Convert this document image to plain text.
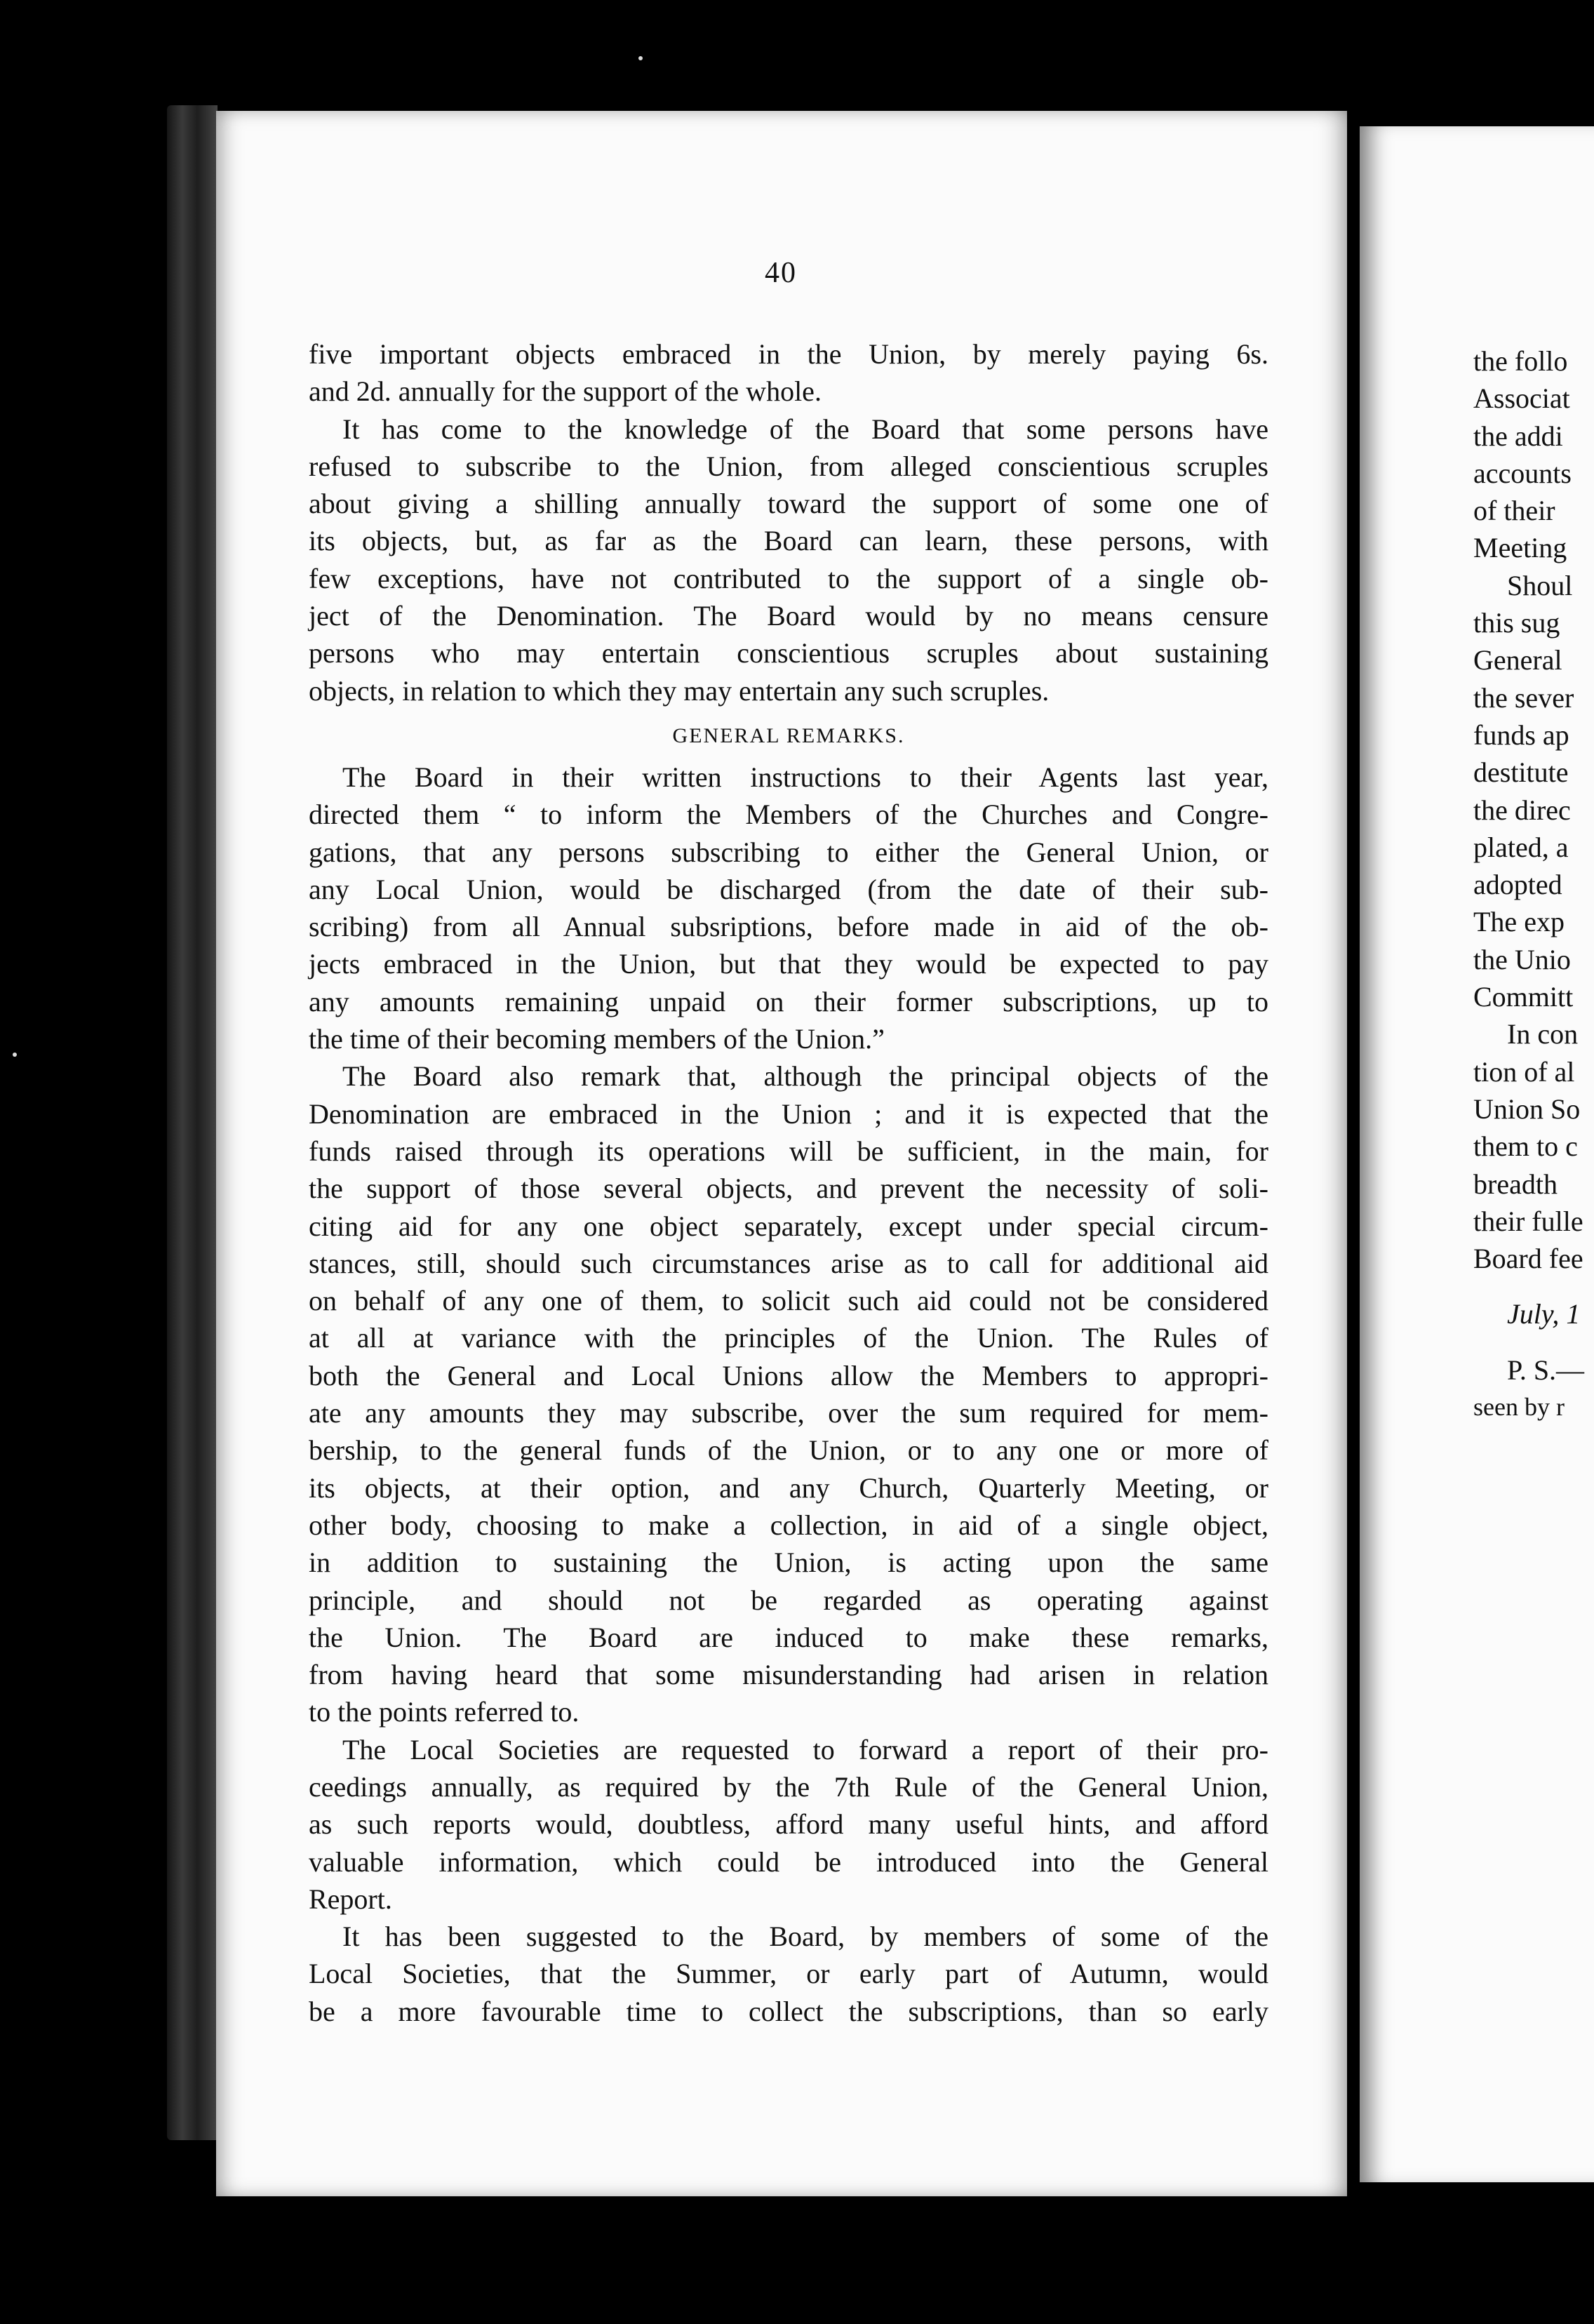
40
five important objects embraced in the Union, by merely paying 6s.
and 2d. annually for the support of the whole.
It has come to the knowledge of the Board that some persons have
refused to subscribe to the Union, from alleged conscientious scruples
about giving a shilling annually toward the support of some one of
its objects, but, as far as the Board can learn, these persons, with
few exceptions, have not contributed to the support of a single ob-
ject of the Denomination. The Board would by no means censure
persons who may entertain conscientious scruples about sustaining
objects, in relation to which they may entertain any such scruples.
GENERAL REMARKS.
The Board in their written instructions to their Agents last year,
directed them “ to inform the Members of the Churches and Congre-
gations, that any persons subscribing to either the General Union, or
any Local Union, would be discharged (from the date of their sub-
scribing) from all Annual subsriptions, before made in aid of the ob-
jects embraced in the Union, but that they would be expected to pay
any amounts remaining unpaid on their former subscriptions, up to
the time of their becoming members of the Union.”
The Board also remark that, although the principal objects of the
Denomination are embraced in the Union ; and it is expected that the
funds raised through its operations will be sufficient, in the main, for
the support of those several objects, and prevent the necessity of soli-
citing aid for any one object separately, except under special circum-
stances, still, should such circumstances arise as to call for additional aid
on behalf of any one of them, to solicit such aid could not be considered
at all at variance with the principles of the Union. The Rules of
both the General and Local Unions allow the Members to appropri-
ate any amounts they may subscribe, over the sum required for mem-
bership, to the general funds of the Union, or to any one or more of
its objects, at their option, and any Church, Quarterly Meeting, or
other body, choosing to make a collection, in aid of a single object,
in addition to sustaining the Union, is acting upon the same
principle, and should not be regarded as operating against
the Union. The Board are induced to make these remarks,
from having heard that some misunderstanding had arisen in relation
to the points referred to.
The Local Societies are requested to forward a report of their pro-
ceedings annually, as required by the 7th Rule of the General Union,
as such reports would, doubtless, afford many useful hints, and afford
valuable information, which could be introduced into the General
Report.
It has been suggested to the Board, by members of some of the
Local Societies, that the Summer, or early part of Autumn, would
be a more favourable time to collect the subscriptions, than so early
the follo
Associat
the addi
accounts
of their
Meeting
Shoul
this sug
General
the sever
funds ap
destitute
the direc
plated, a
adopted
The exp
the Unio
Committ
In con
tion of al
Union So
them to c
breadth
their fulle
Board fee
July, 1
P. S.—
seen by r
